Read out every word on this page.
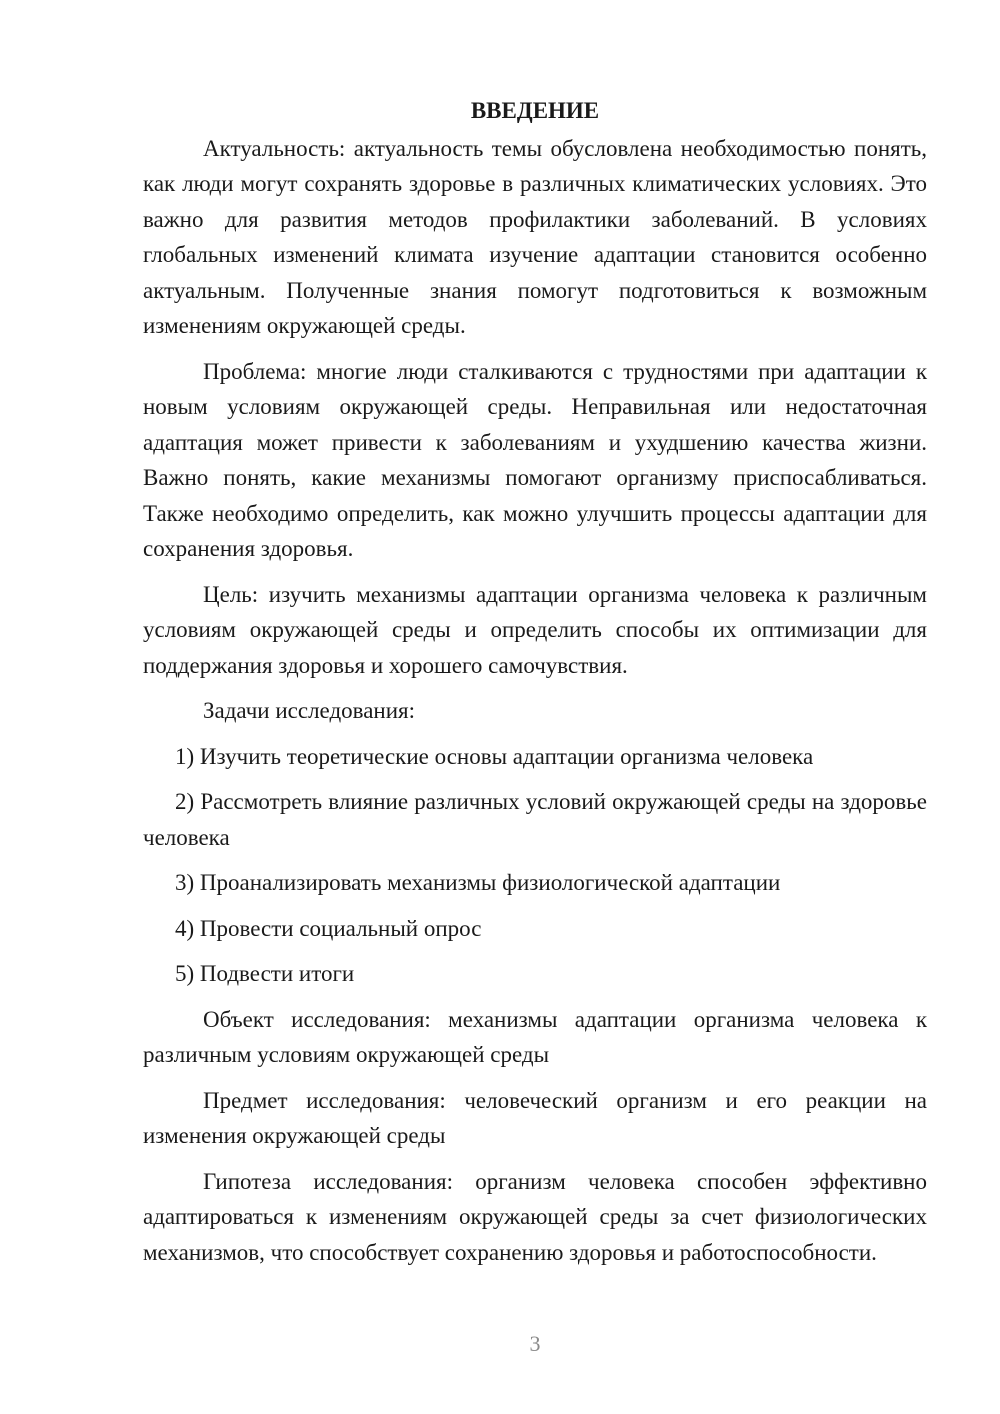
ВВЕДЕНИЕ

Актуальность: актуальность темы обусловлена необходимостью понять, как люди могут сохранять здоровье в различных климатических условиях. Это важно для развития методов профилактики заболеваний. В условиях глобальных изменений климата изучение адаптации становится особенно актуальным. Полученные знания помогут подготовиться к возможным изменениям окружающей среды.

Проблема: многие люди сталкиваются с трудностями при адаптации к новым условиям окружающей среды. Неправильная или недостаточная адаптация может привести к заболеваниям и ухудшению качества жизни. Важно понять, какие механизмы помогают организму приспосабливаться. Также необходимо определить, как можно улучшить процессы адаптации для сохранения здоровья.

Цель: изучить механизмы адаптации организма человека к различным условиям окружающей среды и определить способы их оптимизации для поддержания здоровья и хорошего самочувствия.

Задачи исследования:

1) Изучить теоретические основы адаптации организма человека

2) Рассмотреть влияние различных условий окружающей среды на здоровье человека

3) Проанализировать механизмы физиологической адаптации

4) Провести социальный опрос

5) Подвести итоги

Объект исследования: механизмы адаптации организма человека к различным условиям окружающей среды

Предмет исследования: человеческий организм и его реакции на изменения окружающей среды

Гипотеза исследования: организм человека способен эффективно адаптироваться к изменениям окружающей среды за счет физиологических механизмов, что способствует сохранению здоровья и работоспособности.

3
